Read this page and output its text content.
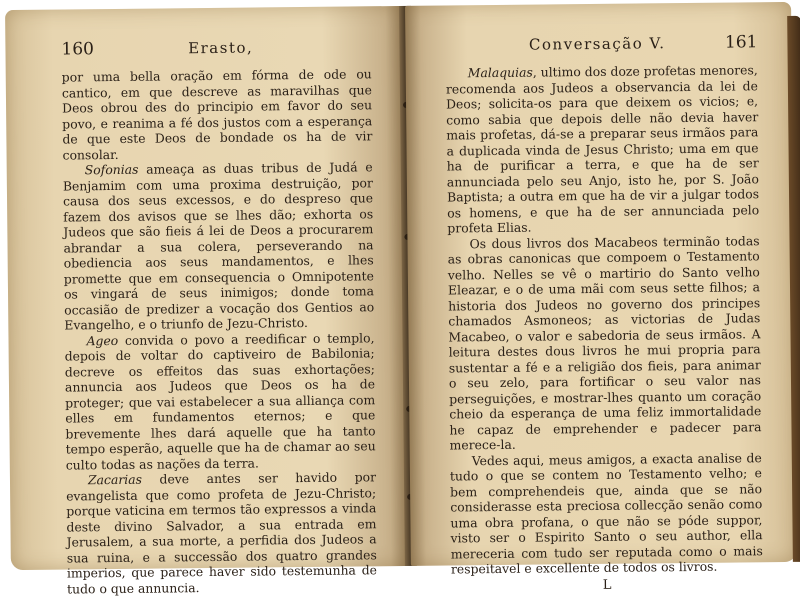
160	Erasto,

por uma bella oração em fórma de ode ou cantico, em que descreve as maravilhas que Deos obrou des do principio em favor do seu povo, e reanima a fé dos justos com a esperança de que este Deos de bondade os ha de vir consolar.

Sofonias ameaça as duas tribus de Judá e Benjamim com uma proxima destruição, por causa dos seus excessos, e do despreso que fazem dos avisos que se lhes dão; exhorta os Judeos que são fieis á lei de Deos a procurarem abrandar a sua colera, perseverando na obediencia aos seus mandamentos, e lhes promette que em consequencia o Omnipotente os vingará de seus inimigos; donde toma occasião de predizer a vocação dos Gentios ao Evangelho, e o triunfo de Jezu-Christo.

Ageo convida o povo a reedificar o templo, depois de voltar do captiveiro de Babilonia; decreve os effeitos das suas exhortações; annuncia aos Judeos que Deos os ha de proteger; que vai estabelecer a sua alliança com elles em fundamentos eternos; e que brevemente lhes dará aquelle que ha tanto tempo esperão, aquelle que ha de chamar ao seu culto todas as nações da terra.

Zacarias deve antes ser havido por evangelista que como profeta de Jezu-Christo; porque vaticina em termos tão expressos a vinda deste divino Salvador, a sua entrada em Jerusalem, a sua morte, a perfidia dos Judeos a sua ruina, e a successão dos quatro grandes imperios, que parece haver sido testemunha de tudo o que annuncia.

Conversação V.	161

Malaquias, ultimo dos doze profetas menores, recomenda aos Judeos a observancia da lei de Deos; solicita-os para que deixem os vicios; e, como sabia que depois delle não devia haver mais profetas, dá-se a preparar seus irmãos para a duplicada vinda de Jesus Christo; uma em que ha de purificar a terra, e que ha de ser annunciada pelo seu Anjo, isto he, por S. João Baptista; a outra em que ha de vir a julgar todos os homens, e que ha de ser annunciada pelo profeta Elias.

Os dous livros dos Macabeos terminão todas as obras canonicas que compoem o Testamento velho. Nelles se vê o martirio do Santo velho Eleazar, e o de uma mãi com seus sette filhos; a historia dos Judeos no governo dos principes chamados Asmoneos; as victorias de Judas Macabeo, o valor e sabedoria de seus irmãos. A leitura destes dous livros he mui propria para sustentar a fé e a religião dos fieis, para animar o seu zelo, para fortificar o seu valor nas perseguições, e mostrar-lhes quanto um coração cheio da esperança de uma feliz immortalidade he capaz de emprehender e padecer para merece-la.

Vedes aqui, meus amigos, a exacta analise de tudo o que se contem no Testamento velho; e bem comprehendeis que, ainda que se não considerasse esta preciosa collecção senão como uma obra profana, o que não se póde suppor, visto ser o Espirito Santo o seu author, ella mereceria com tudo ser reputada como o mais respeitavel e excellente de todos os livros.

L
